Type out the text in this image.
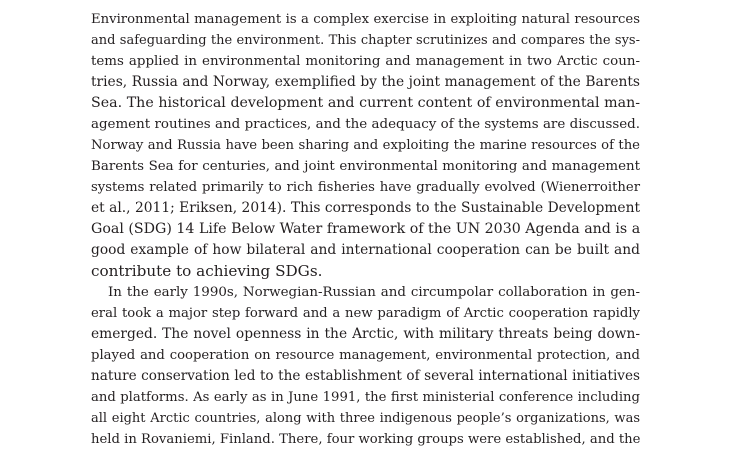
Environmental management is a complex exercise in exploiting natural resources
and safeguarding the environment. This chapter scrutinizes and compares the sys-
tems applied in environmental monitoring and management in two Arctic coun-
tries, Russia and Norway, exemplified by the joint management of the Barents
Sea. The historical development and current content of environmental man-
agement routines and practices, and the adequacy of the systems are discussed.
Norway and Russia have been sharing and exploiting the marine resources of the
Barents Sea for centuries, and joint environmental monitoring and management
systems related primarily to rich fisheries have gradually evolved (Wienerroither
et al., 2011; Eriksen, 2014). This corresponds to the Sustainable Development
Goal (SDG) 14 Life Below Water framework of the UN 2030 Agenda and is a
good example of how bilateral and international cooperation can be built and
contribute to achieving SDGs.
In the early 1990s, Norwegian-Russian and circumpolar collaboration in gen-
eral took a major step forward and a new paradigm of Arctic cooperation rapidly
emerged. The novel openness in the Arctic, with military threats being down-
played and cooperation on resource management, environmental protection, and
nature conservation led to the establishment of several international initiatives
and platforms. As early as in June 1991, the first ministerial conference including
all eight Arctic countries, along with three indigenous people’s organizations, was
held in Rovaniemi, Finland. There, four working groups were established, and the
